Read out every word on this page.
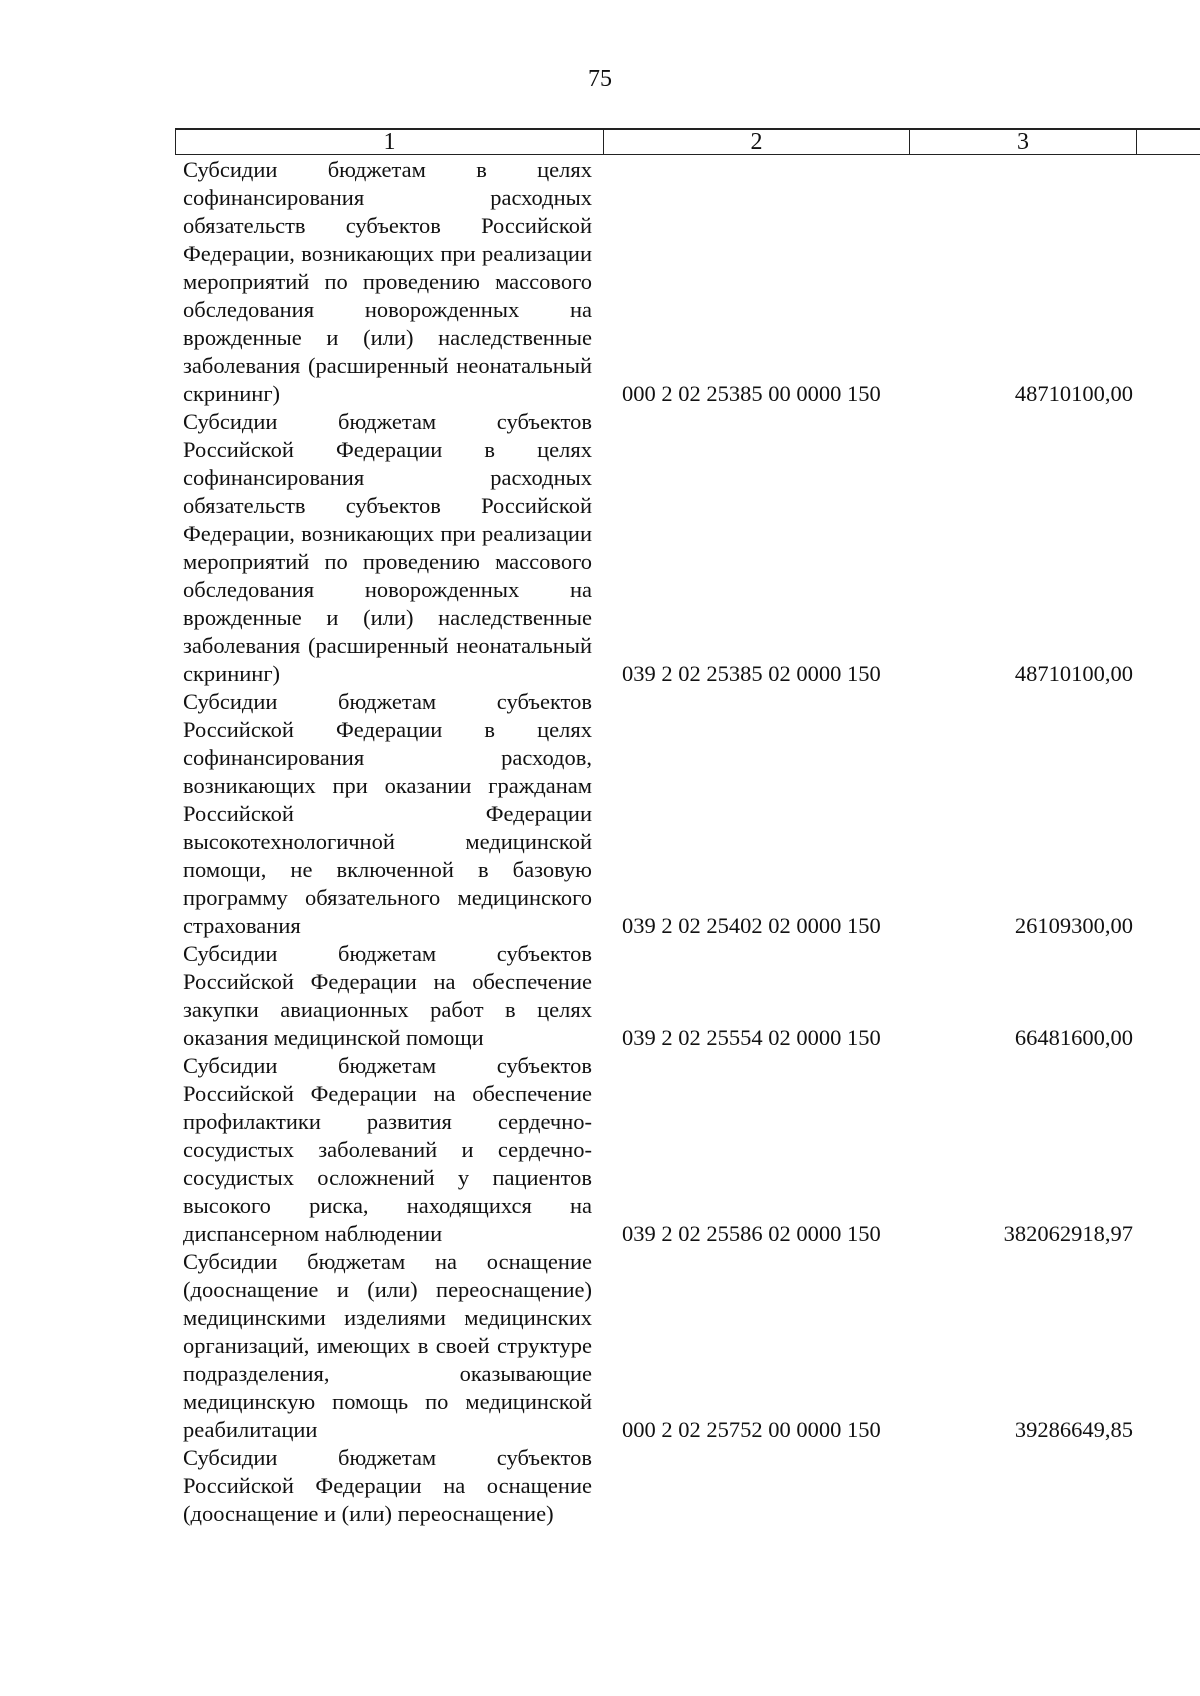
75
1	2	3
Субсидии бюджетам в целях софинансирования расходных обязательств субъектов Российской Федерации, возникающих при реализации мероприятий по проведению массового обследования новорожденных на врожденные и (или) наследственные заболевания (расширенный неонатальный скрининг)	000 2 02 25385 00 0000 150	48710100,00
Субсидии бюджетам субъектов Российской Федерации в целях софинансирования расходных обязательств субъектов Российской Федерации, возникающих при реализации мероприятий по проведению массового обследования новорожденных на врожденные и (или) наследственные заболевания (расширенный неонатальный скрининг)	039 2 02 25385 02 0000 150	48710100,00
Субсидии бюджетам субъектов Российской Федерации в целях софинансирования расходов, возникающих при оказании гражданам Российской Федерации высокотехнологичной медицинской помощи, не включенной в базовую программу обязательного медицинского страхования	039 2 02 25402 02 0000 150	26109300,00
Субсидии бюджетам субъектов Российской Федерации на обеспечение закупки авиационных работ в целях оказания медицинской помощи	039 2 02 25554 02 0000 150	66481600,00
Субсидии бюджетам субъектов Российской Федерации на обеспечение профилактики развития сердечно-сосудистых заболеваний и сердечно-сосудистых осложнений у пациентов высокого риска, находящихся на диспансерном наблюдении	039 2 02 25586 02 0000 150	382062918,97
Субсидии бюджетам на оснащение (дооснащение и (или) переоснащение) медицинскими изделиями медицинских организаций, имеющих в своей структуре подразделения, оказывающие медицинскую помощь по медицинской реабилитации	000 2 02 25752 00 0000 150	39286649,85
Субсидии бюджетам субъектов Российской Федерации на оснащение (дооснащение и (или) переоснащение)
